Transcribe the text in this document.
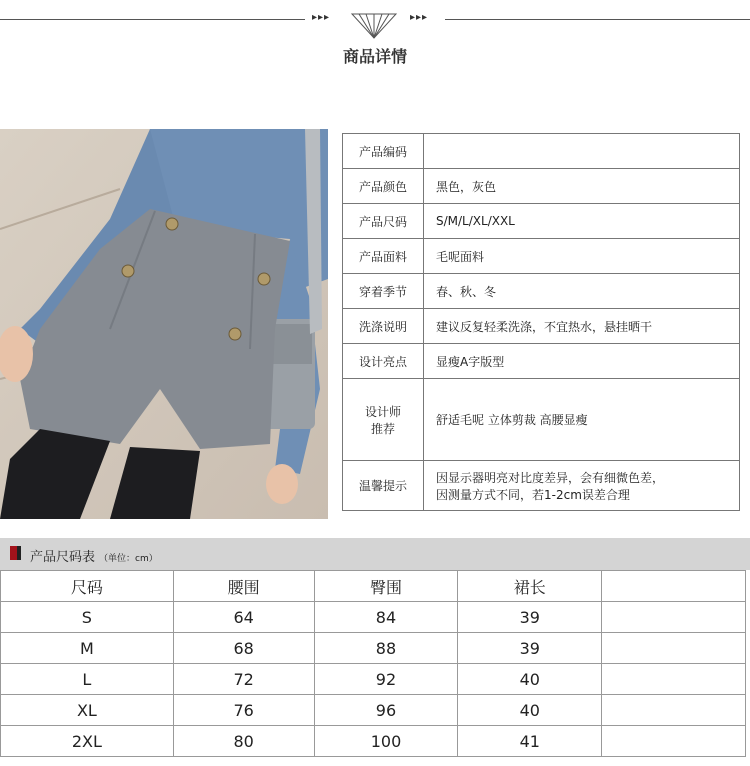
▸▸▸	▸▸▸
商品详情
产品编码	
产品颜色	黑色，灰色
产品尺码	S/M/L/XL/XXL
产品面料	毛呢面料
穿着季节	春、秋、冬
洗涤说明	建议反复轻柔洗涤，不宜热水，悬挂晒干
设计亮点	显瘦A字版型

设计师
推荐	舒适毛呢 立体剪裁 高腰显瘦
温馨提示	因显示器明亮对比度差异，会有细微色差，
因测量方式不同，若1-2cm误差合理
产品尺码表 （单位：cm）
尺码	腰围	臀围	裙长	
S	64	84	39	
M	68	88	39	
L	72	92	40	
XL	76	96	40	
2XL	80	100	41	
